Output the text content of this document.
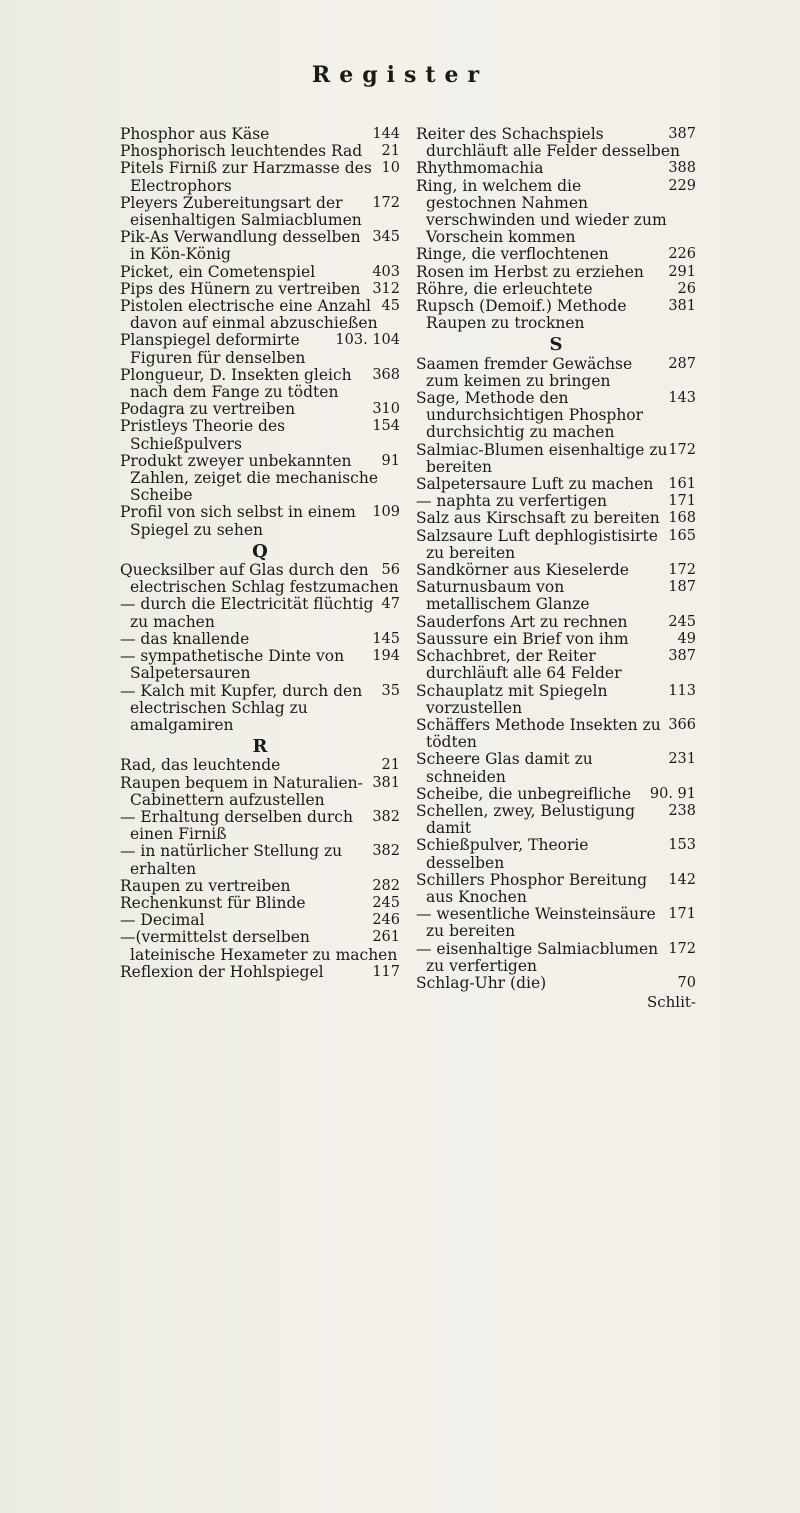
Register

144
Phosphor aus Käse

21
Phosphorisch leuchtendes Rad

10
Pitels Firniß zur Harzmasse des Electrophors

172
Pleyers Zubereitungsart der eisenhaltigen Salmiacblumen

345
Pik-As Verwandlung desselben in Kön-König

403
Picket, ein Cometenspiel

312
Pips des Hünern zu vertreiben

45
Pistolen electrische eine Anzahl davon auf einmal abzuschießen

103. 104
Planspiegel deformirte Figuren für denselben

368
Plongueur, D. Insekten gleich nach dem Fange zu tödten

310
Podagra zu vertreiben

154
Pristleys Theorie des Schießpulvers

91
Produkt zweyer unbekannten Zahlen, zeiget die mechanische Scheibe

109
Profil von sich selbst in einem Spiegel zu sehen

Q

56
Quecksilber auf Glas durch den electrischen Schlag festzumachen

47
— durch die Electricität flüchtig zu machen

145
— das knallende

194
— sympathetische Dinte von Salpetersauren

35
— Kalch mit Kupfer, durch den electrischen Schlag zu amalgamiren

R

21
Rad, das leuchtende

381
Raupen bequem in Naturalien-Cabinettern aufzustellen

382
— Erhaltung derselben durch einen Firniß

382
— in natürlicher Stellung zu erhalten

282
Raupen zu vertreiben

245
Rechenkunst für Blinde

246
— Decimal

261
—(vermittelst derselben lateinische Hexameter zu machen

117
Reflexion der Hohlspiegel

387
Reiter des Schachspiels durchläuft alle Felder desselben

388
Rhythmomachia

229
Ring, in welchem die gestochnen Nahmen verschwinden und wieder zum Vorschein kommen

226
Ringe, die verflochtenen

291
Rosen im Herbst zu erziehen

26
Röhre, die erleuchtete

381
Rupsch (Demoif.) Methode Raupen zu trocknen

S

287
Saamen fremder Gewächse zum keimen zu bringen

143
Sage, Methode den undurchsichtigen Phosphor durchsichtig zu machen

172
Salmiac-Blumen eisenhaltige zu bereiten

161
Salpetersaure Luft zu machen

171
— naphta zu verfertigen

168
Salz aus Kirschsaft zu bereiten

165
Salzsaure Luft dephlogistisirte zu bereiten

172
Sandkörner aus Kieselerde

187
Saturnusbaum von metallischem Glanze

245
Sauderfons Art zu rechnen

49
Saussure ein Brief von ihm

387
Schachbret, der Reiter durchläuft alle 64 Felder

113
Schauplatz mit Spiegeln vorzustellen

366
Schäffers Methode Insekten zu tödten

231
Scheere Glas damit zu schneiden

90. 91
Scheibe, die unbegreifliche

238
Schellen, zwey, Belustigung damit

153
Schießpulver, Theorie desselben

142
Schillers Phosphor Bereitung aus Knochen

171
— wesentliche Weinsteinsäure zu bereiten

172
— eisenhaltige Salmiacblumen zu verfertigen

70
Schlag-Uhr (die)

Schlit-
